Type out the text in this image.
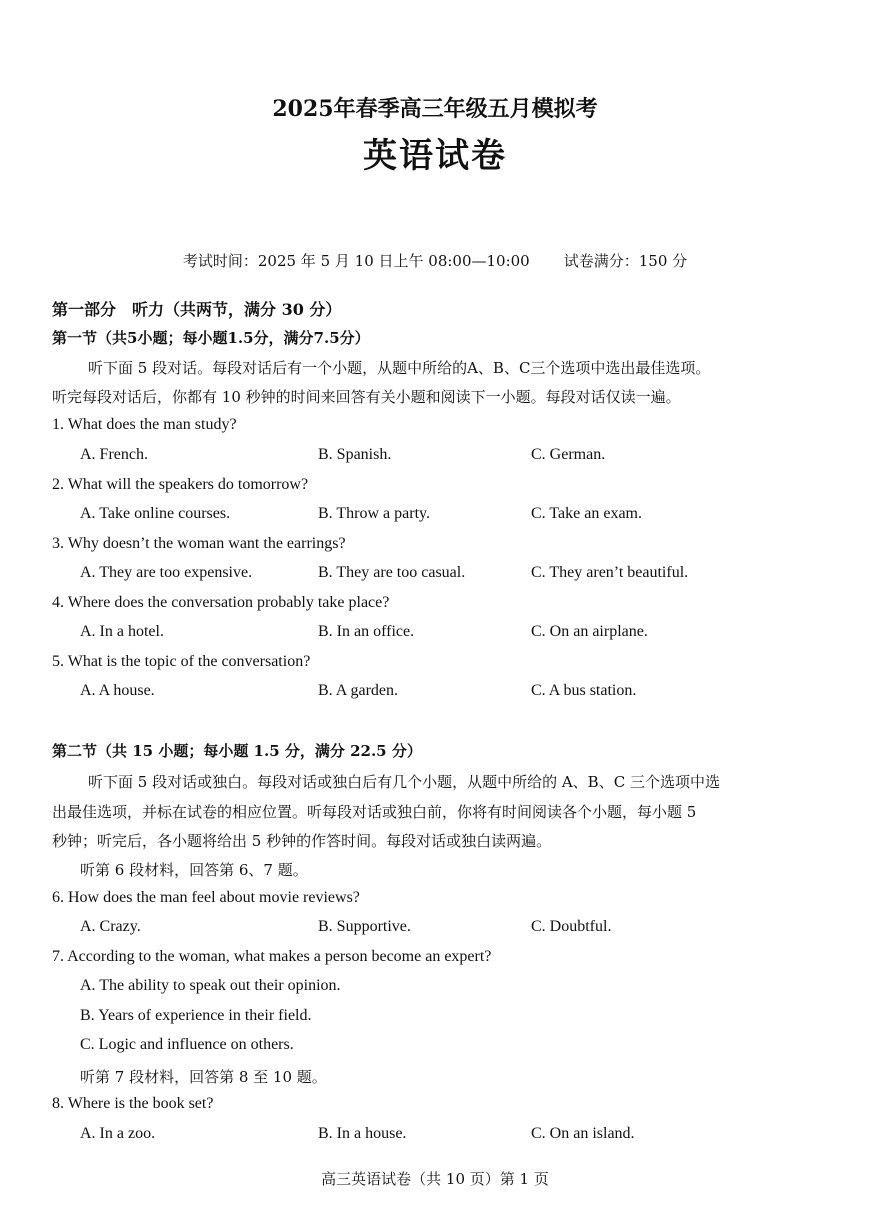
2025年春季高三年级五月模拟考
英语试卷
考试时间：2025 年 5 月 10 日上午 08:00—10:00 试卷满分：150 分
第一部分　听力（共两节，满分 30 分）
第一节（共5小题；每小题1.5分，满分7.5分）
听下面 5 段对话。每段对话后有一个小题，从题中所给的A、B、C三个选项中选出最佳选项。
听完每段对话后，你都有 10 秒钟的时间来回答有关小题和阅读下一小题。每段对话仅读一遍。
1. What does the man study?
A. French.	B. Spanish.	C. German.
2. What will the speakers do tomorrow?
A. Take online courses.	B. Throw a party.	C. Take an exam.
3. Why doesn’t the woman want the earrings?
A. They are too expensive.	B. They are too casual.	C. They aren’t beautiful.
4. Where does the conversation probably take place?
A. In a hotel.	B. In an office.	C. On an airplane.
5. What is the topic of the conversation?
A. A house.	B. A garden.	C. A bus station.
第二节（共 15 小题；每小题 1.5 分，满分 22.5 分）
听下面 5 段对话或独白。每段对话或独白后有几个小题，从题中所给的 A、B、C 三个选项中选
出最佳选项，并标在试卷的相应位置。听每段对话或独白前，你将有时间阅读各个小题，每小题 5
秒钟；听完后，各小题将给出 5 秒钟的作答时间。每段对话或独白读两遍。
听第 6 段材料，回答第 6、7 题。
6. How does the man feel about movie reviews?
A. Crazy.	B. Supportive.	C. Doubtful.
7. According to the woman, what makes a person become an expert?
A. The ability to speak out their opinion.
B. Years of experience in their field.
C. Logic and influence on others.
听第 7 段材料，回答第 8 至 10 题。
8. Where is the book set?
A. In a zoo.	B. In a house.	C. On an island.
高三英语试卷（共 10 页）第 1 页
